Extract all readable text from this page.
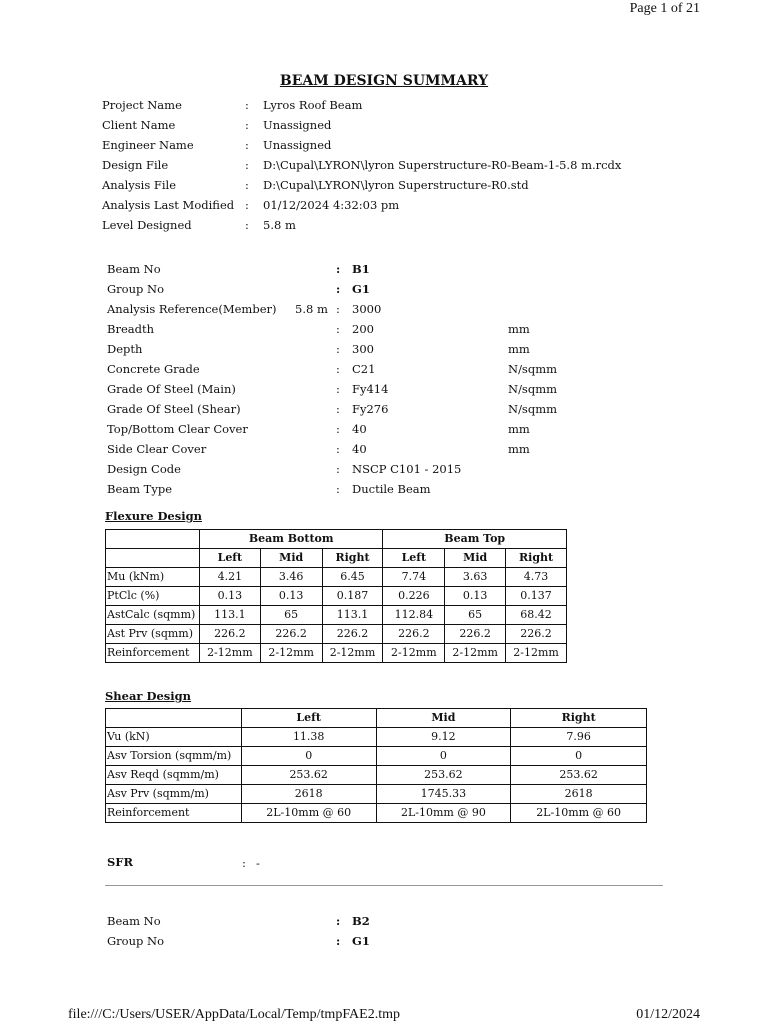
Page 1 of 21
BEAM DESIGN SUMMARY
Project Name	: Lyros Roof Beam
Client Name	: Unassigned
Engineer Name	: Unassigned
Design File	: D:\Cupal\LYRON\lyron Superstructure-R0-Beam-1-5.8 m.rcdx
Analysis File	: D:\Cupal\LYRON\lyron Superstructure-R0.std
Analysis Last Modified : 01/12/2024 4:32:03 pm
Level Designed	: 5.8 m
Beam No	: B1
Group No	: G1
Analysis Reference(Member) 5.8 m : 3000
Breadth	: 200	mm
Depth	: 300	mm
Concrete Grade	: C21	N/sqmm
Grade Of Steel (Main)	: Fy414	N/sqmm
Grade Of Steel (Shear)	: Fy276	N/sqmm
Top/Bottom Clear Cover	: 40	mm
Side Clear Cover	: 40	mm
Design Code	: NSCP C101 - 2015
Beam Type	: Ductile Beam
Flexure Design
	Beam Bottom			Beam Top		
	Left	Mid	Right	Left	Mid	Right
Mu (kNm)	4.21	3.46	6.45	7.74	3.63	4.73
PtClc (%)	0.13	0.13	0.187	0.226	0.13	0.137
AstCalc (sqmm)	113.1	65	113.1	112.84	65	68.42
Ast Prv (sqmm)	226.2	226.2	226.2	226.2	226.2	226.2
Reinforcement	2-12mm	2-12mm	2-12mm	2-12mm	2-12mm	2-12mm
Shear Design
	Left	Mid	Right
Vu (kN)	11.38	9.12	7.96
Asv Torsion (sqmm/m)	0	0	0
Asv Reqd (sqmm/m)	253.62	253.62	253.62
Asv Prv (sqmm/m)	2618	1745.33	2618
Reinforcement	2L-10mm @ 60	2L-10mm @ 90	2L-10mm @ 60
SFR	: -
Beam No	: B2
Group No	: G1
file:///C:/Users/USER/AppData/Local/Temp/tmpFAE2.tmp	01/12/2024
